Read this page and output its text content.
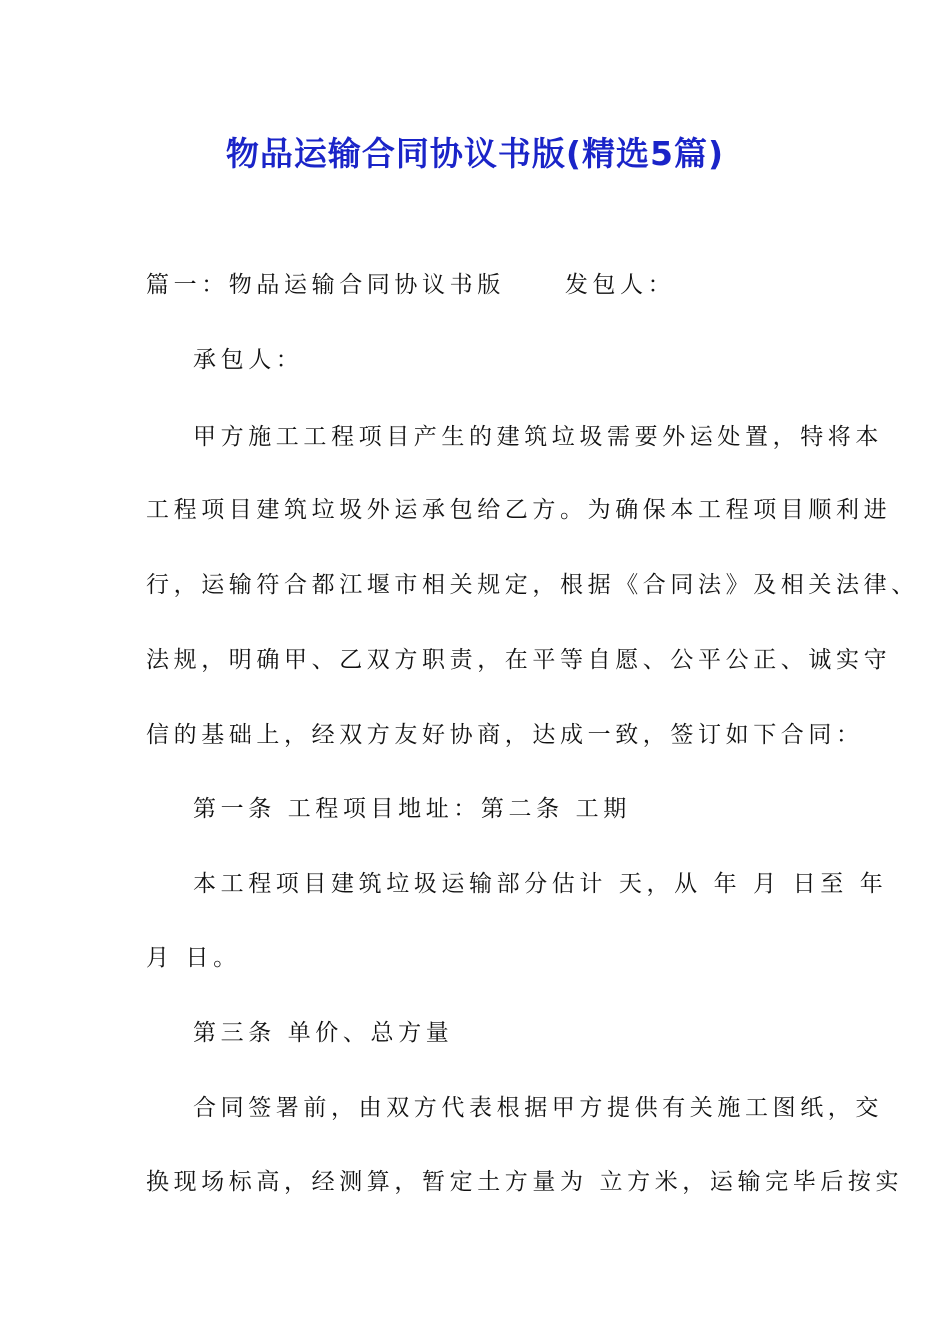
物品运输合同协议书版(精选5篇)
篇一：物品运输合同协议书版	发包人：
承包人：
甲方施工工程项目产生的建筑垃圾需要外运处置，特将本
工程项目建筑垃圾外运承包给乙方。为确保本工程项目顺利进
行，运输符合都江堰市相关规定，根据《合同法》及相关法律、
法规，明确甲、乙双方职责，在平等自愿、公平公正、诚实守
信的基础上，经双方友好协商，达成一致，签订如下合同：
第一条 工程项目地址：第二条 工期
本工程项目建筑垃圾运输部分估计 天，从 年 月 日至 年
月 日。
第三条 单价、总方量
合同签署前，由双方代表根据甲方提供有关施工图纸，交
换现场标高，经测算，暂定土方量为 立方米，运输完毕后按实
